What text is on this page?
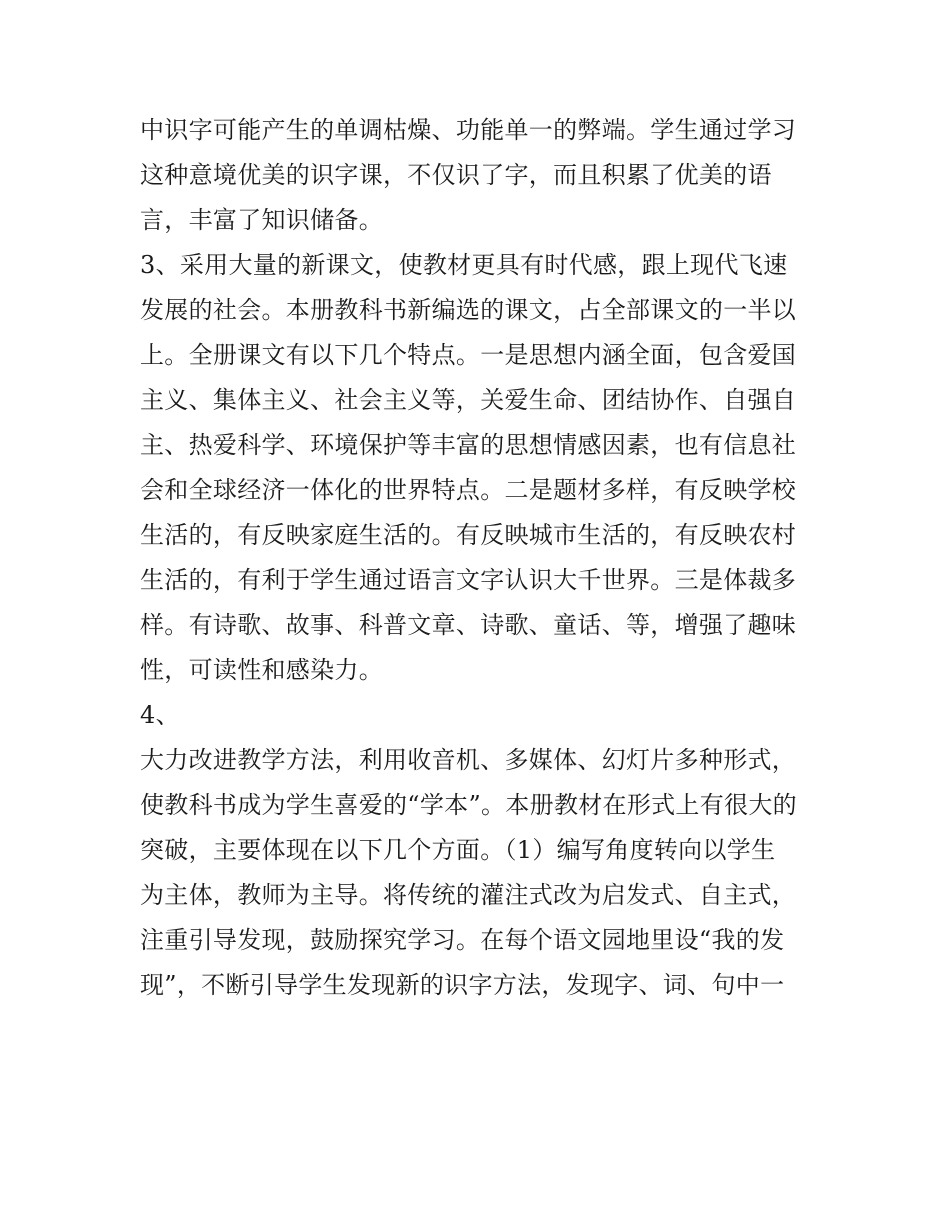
中识字可能产生的单调枯燥、功能单一的弊端。学生通过学习
这种意境优美的识字课，不仅识了字，而且积累了优美的语
言，丰富了知识储备。
3、采用大量的新课文，使教材更具有时代感，跟上现代飞速
发展的社会。本册教科书新编选的课文，占全部课文的一半以
上。全册课文有以下几个特点。一是思想内涵全面，包含爱国
主义、集体主义、社会主义等，关爱生命、团结协作、自强自
主、热爱科学、环境保护等丰富的思想情感因素，也有信息社
会和全球经济一体化的世界特点。二是题材多样，有反映学校
生活的，有反映家庭生活的。有反映城市生活的，有反映农村
生活的，有利于学生通过语言文字认识大千世界。三是体裁多
样。有诗歌、故事、科普文章、诗歌、童话、等，增强了趣味
性，可读性和感染力。
4、
大力改进教学方法，利用收音机、多媒体、幻灯片多种形式，
使教科书成为学生喜爱的“学本”。本册教材在形式上有很大的
突破，主要体现在以下几个方面。（1）编写角度转向以学生
为主体，教师为主导。将传统的灌注式改为启发式、自主式，
注重引导发现，鼓励探究学习。在每个语文园地里设“我的发
现”，不断引导学生发现新的识字方法，发现字、词、句中一
